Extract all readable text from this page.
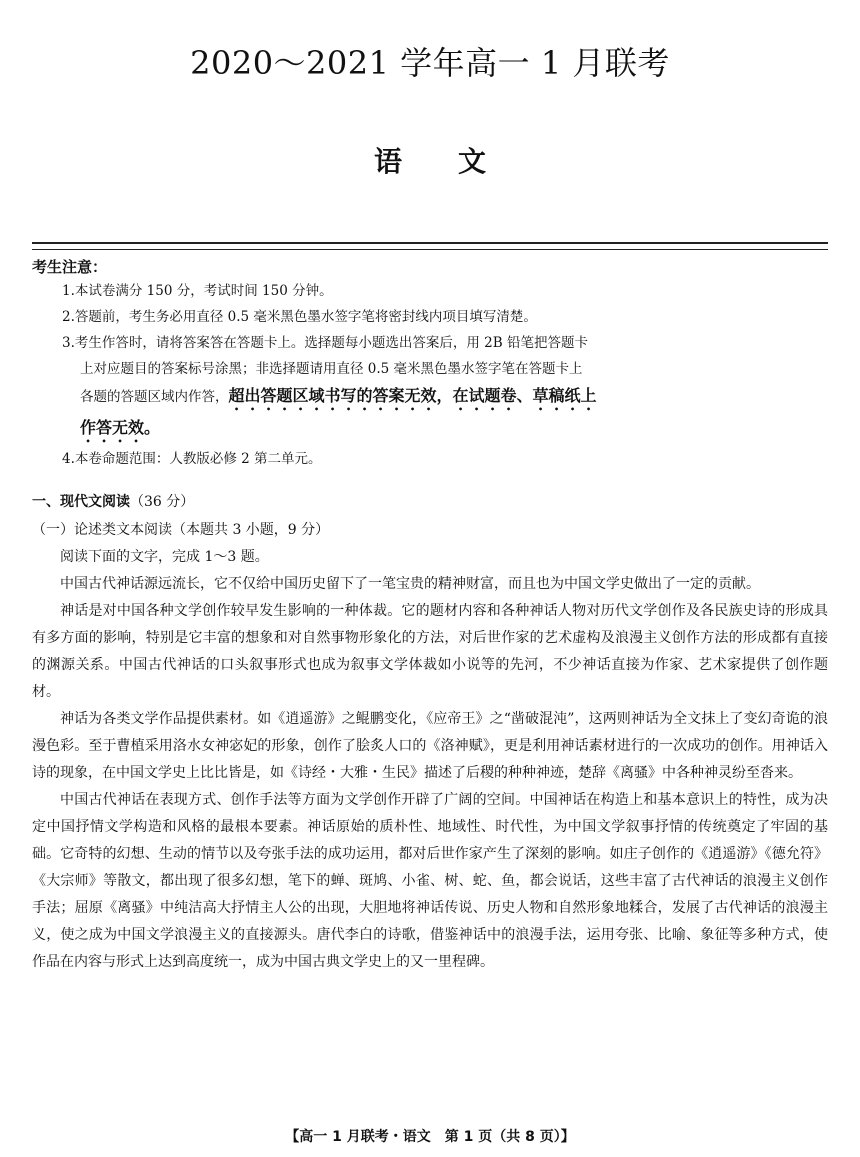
2020～2021 学年高一 1 月联考
语文
考生注意：
1.本试卷满分 150 分，考试时间 150 分钟。
2.答题前，考生务必用直径 0.5 毫米黑色墨水签字笔将密封线内项目填写清楚。
3.考生作答时，请将答案答在答题卡上。选择题每小题选出答案后，用 2B 铅笔把答题卡
上对应题目的答案标号涂黑；非选择题请用直径 0.5 毫米黑色墨水签字笔在答题卡上
各题的答题区域内作答，超出答题区域书写的答案无效，在试题卷、草稿纸上
作答无效。
4.本卷命题范围：人教版必修 2 第二单元。
一、现代文阅读（36 分）
（一）论述类文本阅读（本题共 3 小题，9 分）

阅读下面的文字，完成 1～3 题。

中国古代神话源远流长，它不仅给中国历史留下了一笔宝贵的精神财富，而且也为中国文学史做出了一定的贡献。

神话是对中国各种文学创作较早发生影响的一种体裁。它的题材内容和各种神话人物对历代文学创作及各民族史诗的形成具有多方面的影响，特别是它丰富的想象和对自然事物形象化的方法，对后世作家的艺术虚构及浪漫主义创作方法的形成都有直接的渊源关系。中国古代神话的口头叙事形式也成为叙事文学体裁如小说等的先河，不少神话直接为作家、艺术家提供了创作题材。

神话为各类文学作品提供素材。如《逍遥游》之鲲鹏变化，《应帝王》之“凿破混沌”，这两则神话为全文抹上了变幻奇诡的浪漫色彩。至于曹植采用洛水女神宓妃的形象，创作了脍炙人口的《洛神赋》，更是利用神话素材进行的一次成功的创作。用神话入诗的现象，在中国文学史上比比皆是，如《诗经・大雅・生民》描述了后稷的种种神迹，楚辞《离骚》中各种神灵纷至沓来。

中国古代神话在表现方式、创作手法等方面为文学创作开辟了广阔的空间。中国神话在构造上和基本意识上的特性，成为决定中国抒情文学构造和风格的最根本要素。神话原始的质朴性、地域性、时代性，为中国文学叙事抒情的传统奠定了牢固的基础。它奇特的幻想、生动的情节以及夸张手法的成功运用，都对后世作家产生了深刻的影响。如庄子创作的《逍遥游》《德允符》《大宗师》等散文，都出现了很多幻想，笔下的蝉、斑鸠、小雀、树、蛇、鱼，都会说话，这些丰富了古代神话的浪漫主义创作手法；屈原《离骚》中纯洁高大抒情主人公的出现，大胆地将神话传说、历史人物和自然形象地糅合，发展了古代神话的浪漫主义，使之成为中国文学浪漫主义的直接源头。唐代李白的诗歌，借鉴神话中的浪漫手法，运用夸张、比喻、象征等多种方式，使作品在内容与形式上达到高度统一，成为中国古典文学史上的又一里程碑。

【高一 1 月联考・语文　第 1 页（共 8 页）】
